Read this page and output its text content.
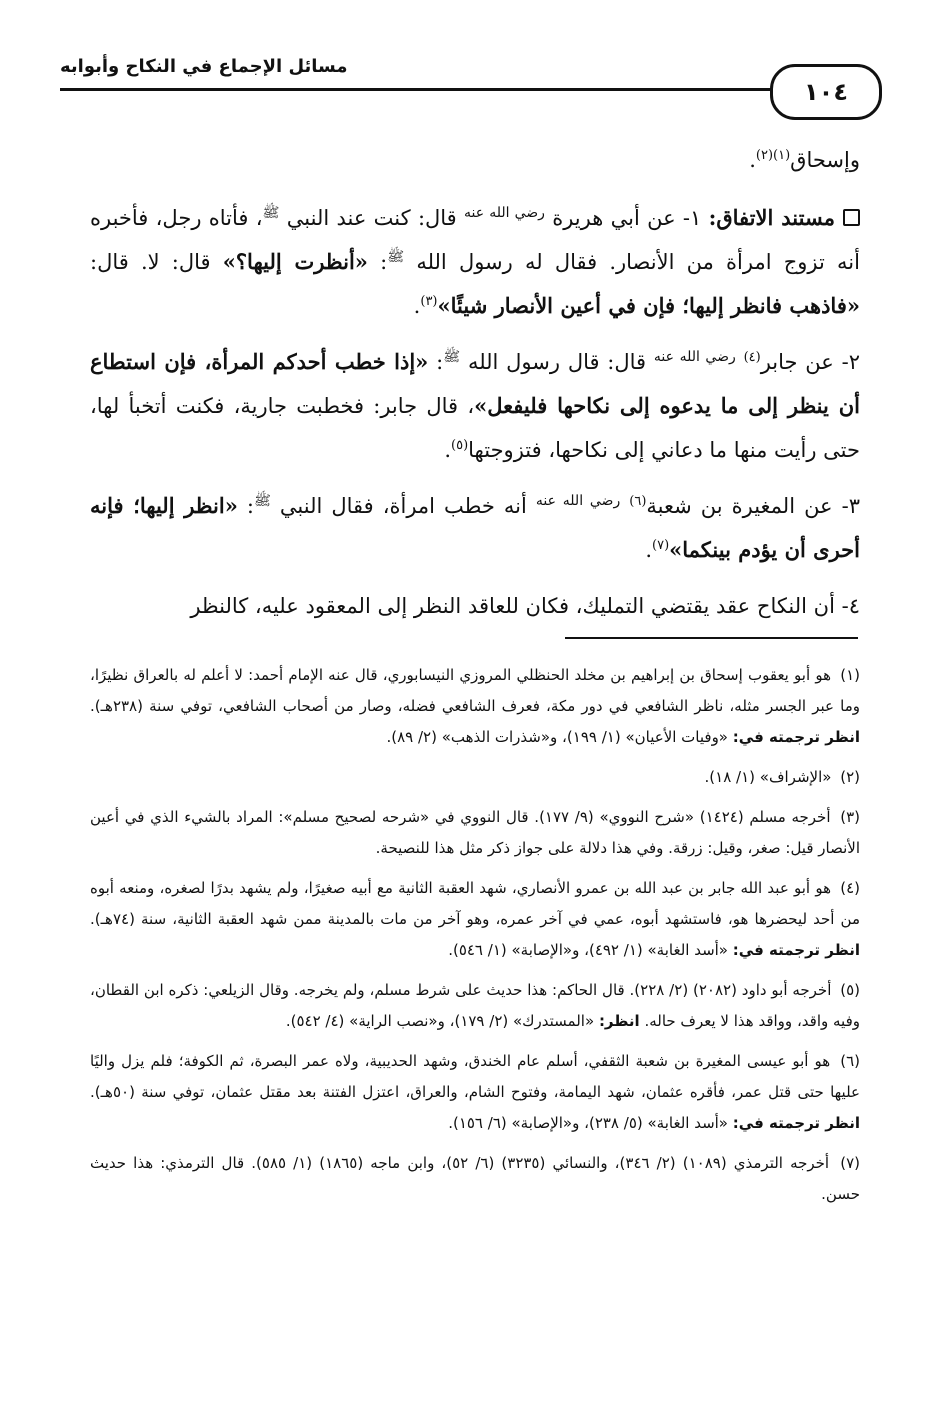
مسائل الإجماع في النكاح وأبوابه
١٠٤
وإسحاق$^{(١)(٢)}$.

مستند الاتفاق: ١- عن أبي هريرة $^{رضي الله عنه}$ قال: كنت عند النبي $^ﷺ$، فأتاه رجل، فأخبره أنه تزوج امرأة من الأنصار. فقال له رسول الله $^ﷺ$: «أنظرت إليها؟» قال: لا. قال: «فاذهب فانظر إليها؛ فإن في أعين الأنصار شيئًا»$^{(٣)}$.

٢- عن جابر$^{(٤)}$ $^{رضي الله عنه}$ قال: قال رسول الله $^ﷺ$: «إذا خطب أحدكم المرأة، فإن استطاع أن ينظر إلى ما يدعوه إلى نكاحها فليفعل»، قال جابر: فخطبت جارية، فكنت أتخبأ لها، حتى رأيت منها ما دعاني إلى نكاحها، فتزوجتها$^{(٥)}$.

٣- عن المغيرة بن شعبة$^{(٦)}$ $^{رضي الله عنه}$ أنه خطب امرأة، فقال النبي $^ﷺ$: «انظر إليها؛ فإنه أحرى أن يؤدم بينكما»$^{(٧)}$.

٤- أن النكاح عقد يقتضي التمليك، فكان للعاقد النظر إلى المعقود عليه، كالنظر

(١) هو أبو يعقوب إسحاق بن إبراهيم بن مخلد الحنظلي المروزي النيسابوري، قال عنه الإمام أحمد: لا أعلم له بالعراق نظيرًا، وما عبر الجسر مثله، ناظر الشافعي في دور مكة، فعرف الشافعي فضله، وصار من أصحاب الشافعي، توفي سنة (٢٣٨هـ). انظر ترجمته في: «وفيات الأعيان» (١/ ١٩٩)، و«شذرات الذهب» (٢/ ٨٩).

(٢) «الإشراف» (١/ ١٨).

(٣) أخرجه مسلم (١٤٢٤) «شرح النووي» (٩/ ١٧٧). قال النووي في «شرحه لصحيح مسلم»: المراد بالشيء الذي في أعين الأنصار قيل: صغر، وقيل: زرقة. وفي هذا دلالة على جواز ذكر مثل هذا للنصيحة.

(٤) هو أبو عبد الله جابر بن عبد الله بن عمرو الأنصاري، شهد العقبة الثانية مع أبيه صغيرًا، ولم يشهد بدرًا لصغره، ومنعه أبوه من أحد ليحضرها هو، فاستشهد أبوه، عمي في آخر عمره، وهو آخر من مات بالمدينة ممن شهد العقبة الثانية، سنة (٧٤هـ). انظر ترجمته في: «أسد الغابة» (١/ ٤٩٢)، و«الإصابة» (١/ ٥٤٦).

(٥) أخرجه أبو داود (٢٠٨٢) (٢/ ٢٢٨). قال الحاكم: هذا حديث على شرط مسلم، ولم يخرجه. وقال الزيلعي: ذكره ابن القطان، وفيه واقد، وواقد هذا لا يعرف حاله. انظر: «المستدرك» (٢/ ١٧٩)، و«نصب الراية» (٤/ ٥٤٢).

(٦) هو أبو عيسى المغيرة بن شعبة الثقفي، أسلم عام الخندق، وشهد الحديبية، ولاه عمر البصرة، ثم الكوفة؛ فلم يزل واليًا عليها حتى قتل عمر، فأقره عثمان، شهد اليمامة، وفتوح الشام، والعراق، اعتزل الفتنة بعد مقتل عثمان، توفي سنة (٥٠هـ). انظر ترجمته في: «أسد الغابة» (٥/ ٢٣٨)، و«الإصابة» (٦/ ١٥٦).

(٧) أخرجه الترمذي (١٠٨٩) (٢/ ٣٤٦)، والنسائي (٣٢٣٥) (٦/ ٥٢)، وابن ماجه (١٨٦٥) (١/ ٥٨٥). قال الترمذي: هذا حديث حسن.
